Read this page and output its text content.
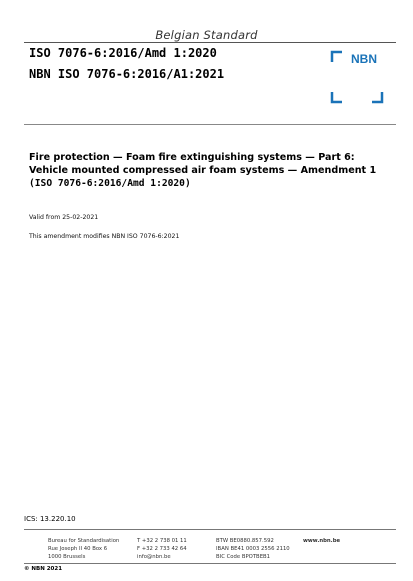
Belgian Standard
ISO 7076-6:2016/Amd 1:2020
NBN ISO 7076-6:2016/A1:2021
NBN
Fire protection — Foam fire extinguishing systems — Part 6:
Vehicle mounted compressed air foam systems — Amendment 1
(ISO 7076-6:2016/Amd 1:2020)
Valid from 25-02-2021
This amendment modifies NBN ISO 7076-6:2021
ICS: 13.220.10
Bureau for Standardisation
Rue Joseph II 40 Box 6
1000 Brussels
T +32 2 738 01 11
F +32 2 733 42 64
info@nbn.be
BTW BE0880.857.592
IBAN BE41 0003 2556 2110
BIC Code BPOTBEB1
www.nbn.be
© NBN 2021
